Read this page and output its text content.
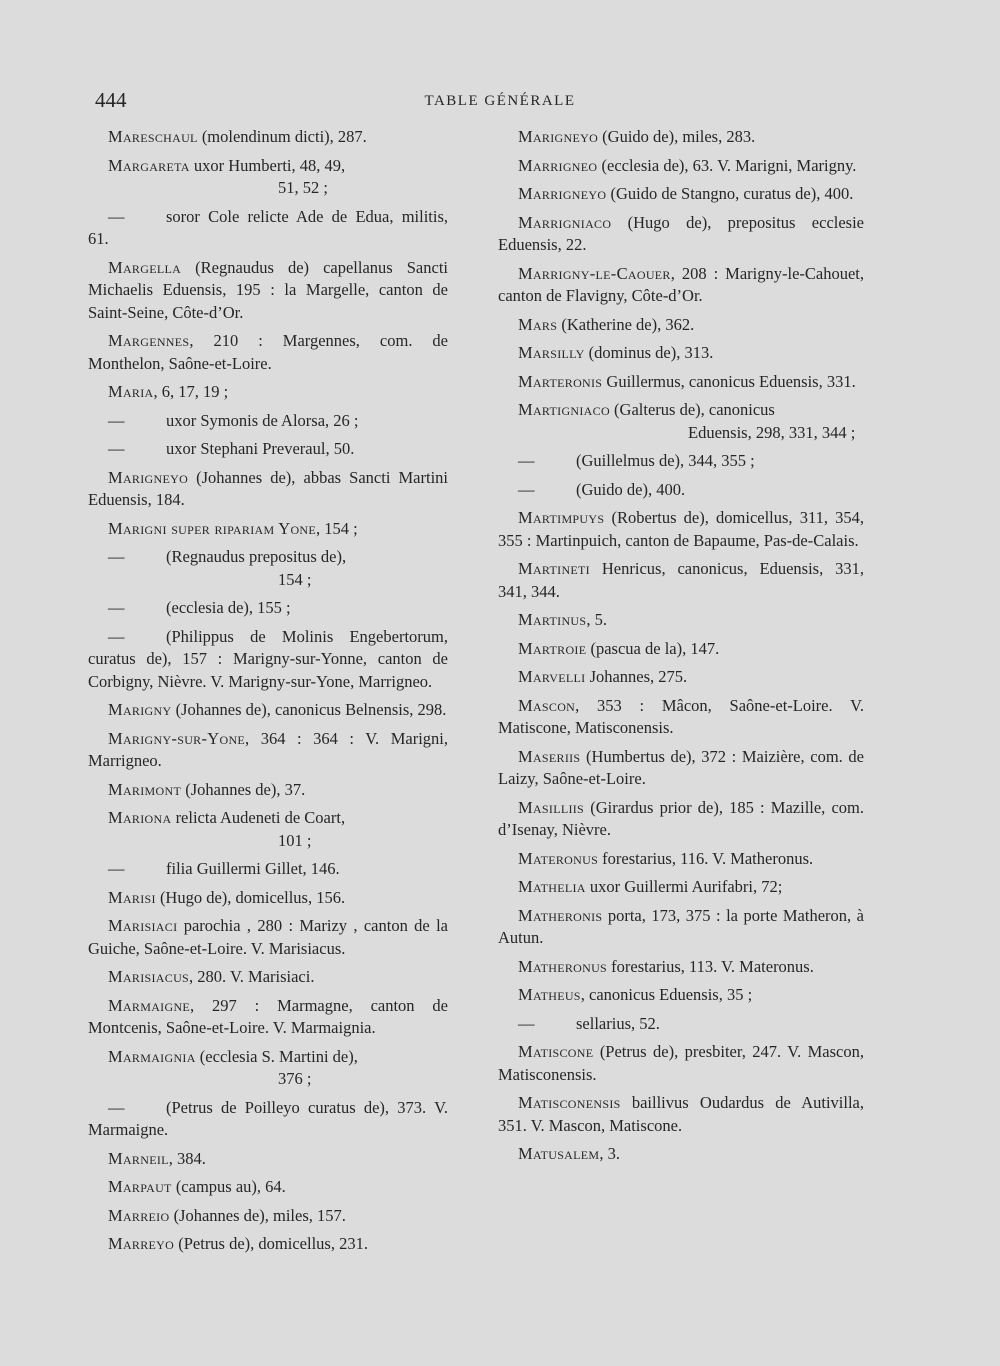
444	TABLE GÉNÉRALE
Mareschaul (molendinum dicti), 287.
Margareta uxor Humberti, 48, 49,
51, 52 ;
—	soror Cole relicte Ade de Edua, militis, 61.
Margella (Regnaudus de) capellanus Sancti Michaelis Eduensis, 195 : la Margelle, canton de Saint-Seine, Côte-d’Or.
Margennes, 210 : Margennes, com. de Monthelon, Saône-et-Loire.
Maria, 6, 17, 19 ;
—	uxor Symonis de Alorsa, 26 ;
—	uxor Stephani Preveraul, 50.
Marigneyo (Johannes de), abbas Sancti Martini Eduensis, 184.
Marigni super ripariam Yone, 154 ;
—	(Regnaudus prepositus de),
154 ;
—	(ecclesia de), 155 ;
—	(Philippus de Molinis Engebertorum, curatus de), 157 : Marigny-sur-Yonne, canton de Corbigny, Nièvre. V. Marigny-sur-Yone, Marrigneo.
Marigny (Johannes de), canonicus Belnensis, 298.
Marigny-sur-Yone, 364 : 364 : V. Marigni, Marrigneo.
Marimont (Johannes de), 37.
Mariona relicta Audeneti de Coart,
101 ;
—	filia Guillermi Gillet, 146.
Marisi (Hugo de), domicellus, 156.
Marisiaci parochia , 280 : Marizy , canton de la Guiche, Saône-et-Loire. V. Marisiacus.
Marisiacus, 280. V. Marisiaci.
Marmaigne, 297 : Marmagne, canton de Montcenis, Saône-et-Loire. V. Marmaignia.
Marmaignia (ecclesia S. Martini de),
376 ;
—	(Petrus de Poilleyo curatus de), 373. V. Marmaigne.
Marneil, 384.
Marpaut (campus au), 64.
Marreio (Johannes de), miles, 157.
Marreyo (Petrus de), domicellus, 231.
Marigneyo (Guido de), miles, 283.
Marrigneo (ecclesia de), 63. V. Marigni, Marigny.
Marrigneyo (Guido de Stangno, curatus de), 400.
Marrigniaco (Hugo de), prepositus ecclesie Eduensis, 22.
Marrigny-le-Caouer, 208 : Marigny-le-Cahouet, canton de Flavigny, Côte-d’Or.
Mars (Katherine de), 362.
Marsilly (dominus de), 313.
Marteronis Guillermus, canonicus Eduensis, 331.
Martigniaco (Galterus de), canonicus
Eduensis, 298, 331, 344 ;
—	(Guillelmus de), 344, 355 ;
—	(Guido de), 400.
Martimpuys (Robertus de), domicellus, 311, 354, 355 : Martinpuich, canton de Bapaume, Pas-de-Calais.
Martineti Henricus, canonicus, Eduensis, 331, 341, 344.
Martinus, 5.
Martroie (pascua de la), 147.
Marvelli Johannes, 275.
Mascon, 353 : Mâcon, Saône-et-Loire. V. Matiscone, Matisconensis.
Maseriis (Humbertus de), 372 : Maizière, com. de Laizy, Saône-et-Loire.
Masilliis (Girardus prior de), 185 : Mazille, com. d’Isenay, Nièvre.
Materonus forestarius, 116. V. Matheronus.
Mathelia uxor Guillermi Aurifabri, 72;
Matheronis porta, 173, 375 : la porte Matheron, à Autun.
Matheronus forestarius, 113. V. Materonus.
Matheus, canonicus Eduensis, 35 ;
—	sellarius, 52.
Matiscone (Petrus de), presbiter, 247. V. Mascon, Matisconensis.
Matisconensis baillivus Oudardus de Autivilla, 351. V. Mascon, Matiscone.
Matusalem, 3.
